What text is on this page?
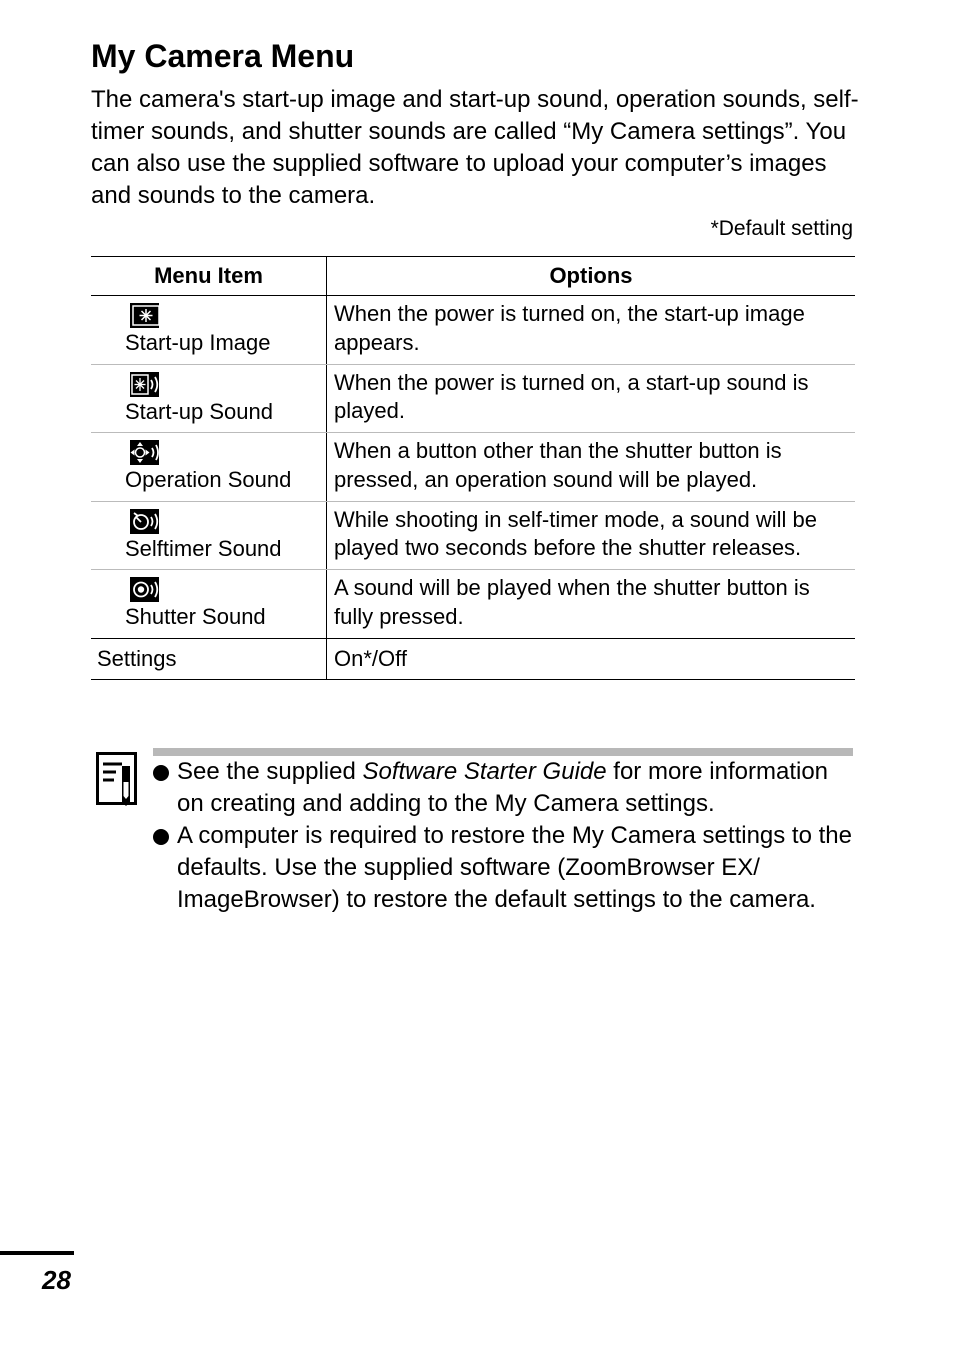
My Camera Menu

The camera's start-up image and start-up sound, operation sounds, self-timer sounds, and shutter sounds are called “My Camera settings”. You can also use the supplied software to upload your computer’s images and sounds to the camera.

*Default setting
Menu Item	Options

Start-up Image	When the power is turned on, the start-up image appears.

Start-up Sound	When the power is turned on, a start-up sound is played.

Operation Sound	When a button other than the shutter button is pressed, an operation sound will be played.

Selftimer Sound	While shooting in self-timer mode, a sound will be played two seconds before the shutter releases.

Shutter Sound	A sound will be played when the shutter button is fully pressed.
Settings	On*/Off
See the supplied Software Starter Guide for more information on creating and adding to the My Camera settings.
A computer is required to restore the My Camera settings to the defaults. Use the supplied software (ZoomBrowser EX/ ImageBrowser) to restore the default settings to the camera.
28
